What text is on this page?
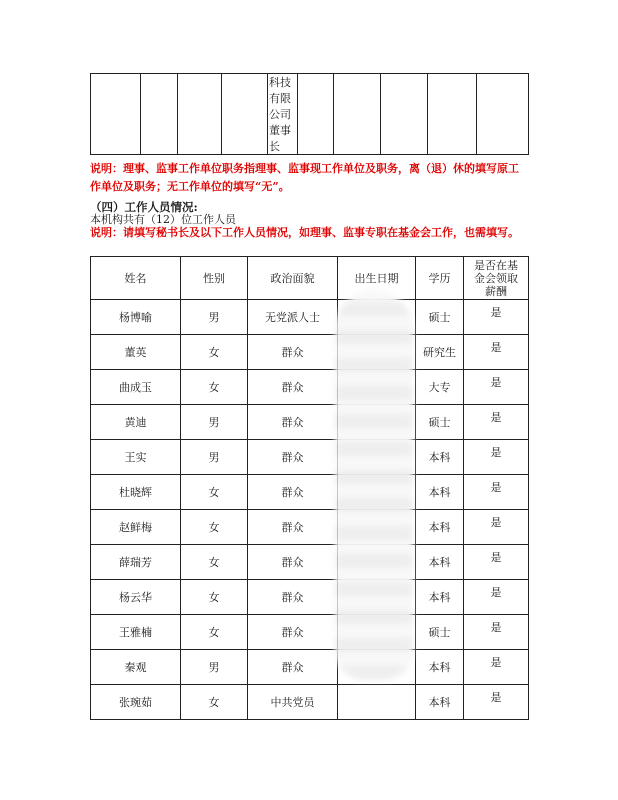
科技
有限
公司
董事
长

说明：理事、监事工作单位职务指理事、监事现工作单位及职务，离（退）休的填写原工作单位及职务；无工作单位的填写“无”。
（四）工作人员情况:
本机构共有（12）位工作人员
说明：请填写秘书长及以下工作人员情况，如理事、监事专职在基金会工作，也需填写。
姓名	性别	政治面貌	出生日期	学历	是否在基
金会领取
薪酬

杨博喻	男	无党派人士		硕士	是
董英	女	群众		研究生	是
曲成玉	女	群众		大专	是
黄迪	男	群众		硕士	是
王实	男	群众		本科	是
杜晓辉	女	群众		本科	是
赵鲜梅	女	群众		本科	是
薛瑞芳	女	群众		本科	是
杨云华	女	群众		本科	是
王雅楠	女	群众		硕士	是
秦观	男	群众		本科	是
张琬茹	女	中共党员		本科	是
